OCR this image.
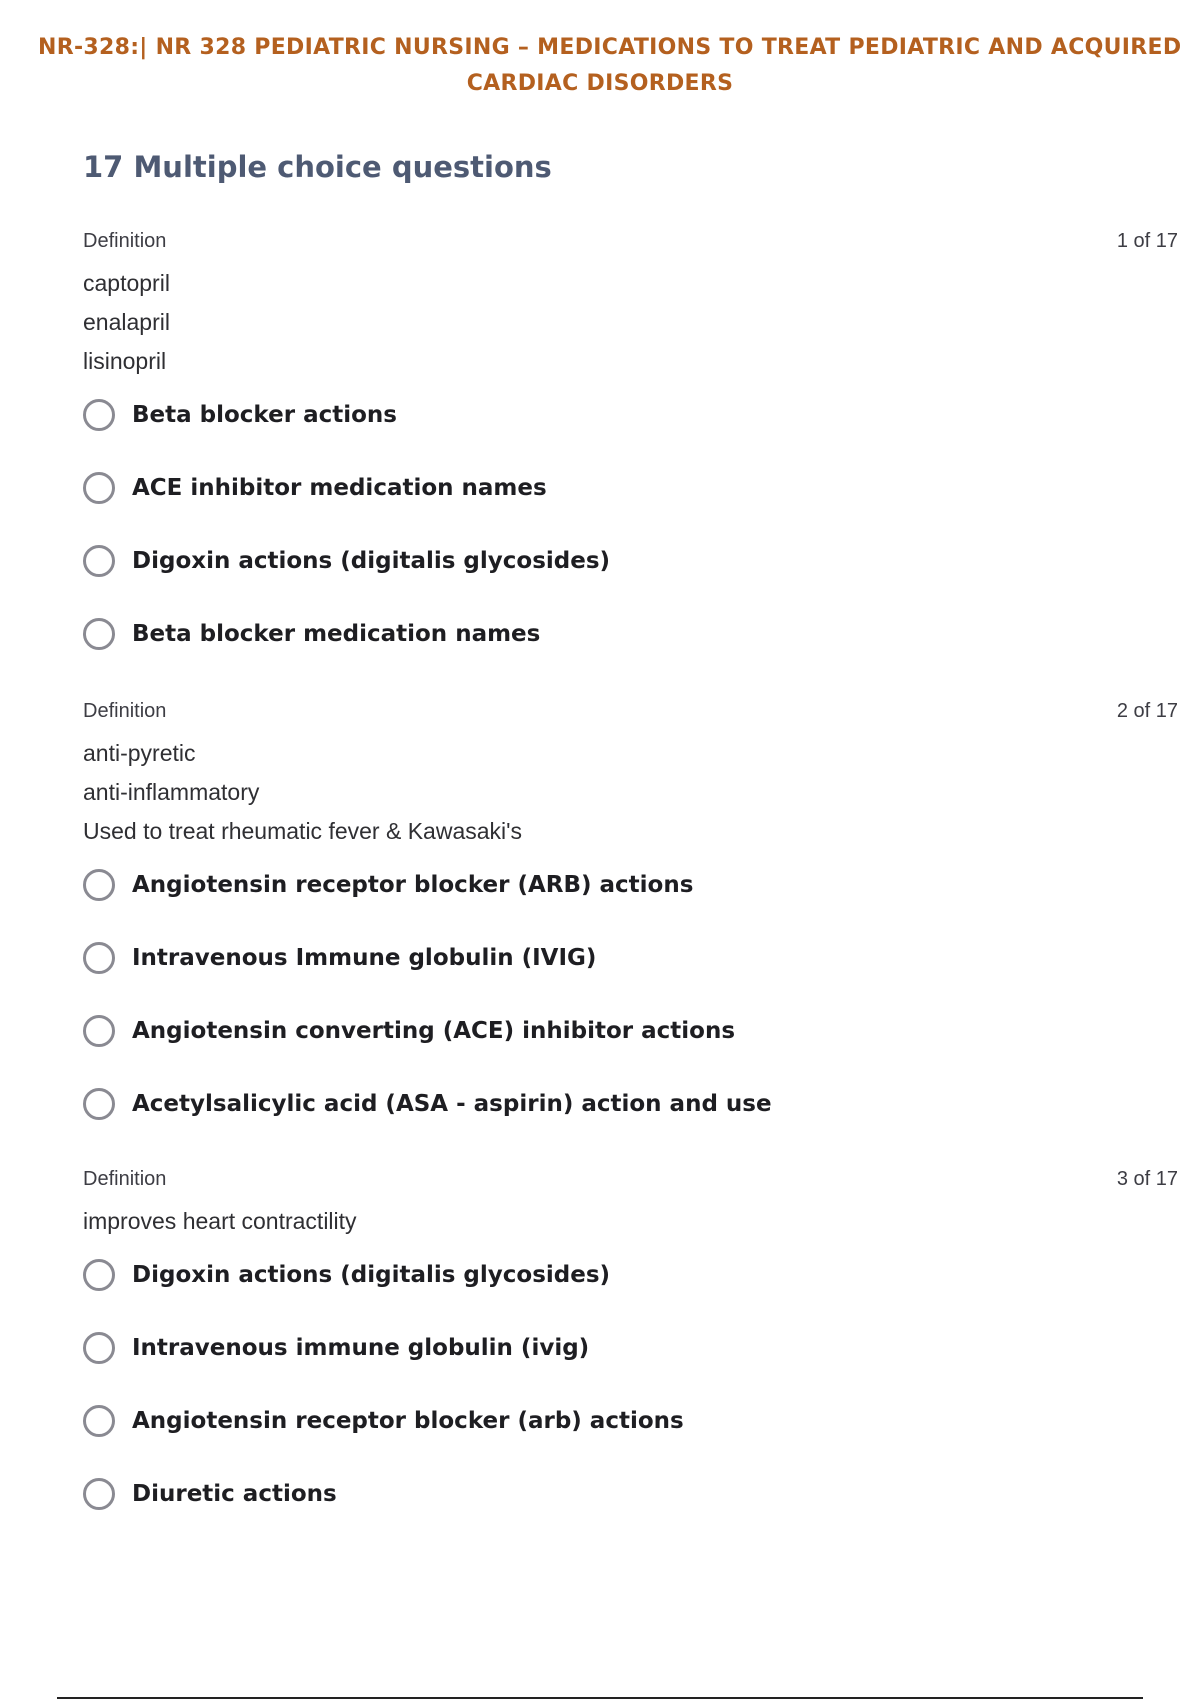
NR-328:| NR 328 PEDIATRIC NURSING – MEDICATIONS TO TREAT PEDIATRIC AND ACQUIRED
CARDIAC DISORDERS
17 Multiple choice questions
Definition	1 of 17
captopril
enalapril
lisinopril
Beta blocker actions
ACE inhibitor medication names
Digoxin actions (digitalis glycosides)
Beta blocker medication names
Definition	2 of 17
anti-pyretic
anti-inflammatory
Used to treat rheumatic fever & Kawasaki's
Angiotensin receptor blocker (ARB) actions
Intravenous Immune globulin (IVIG)
Angiotensin converting (ACE) inhibitor actions
Acetylsalicylic acid (ASA - aspirin) action and use
Definition	3 of 17
improves heart contractility
Digoxin actions (digitalis glycosides)
Intravenous immune globulin (ivig)
Angiotensin receptor blocker (arb) actions
Diuretic actions
